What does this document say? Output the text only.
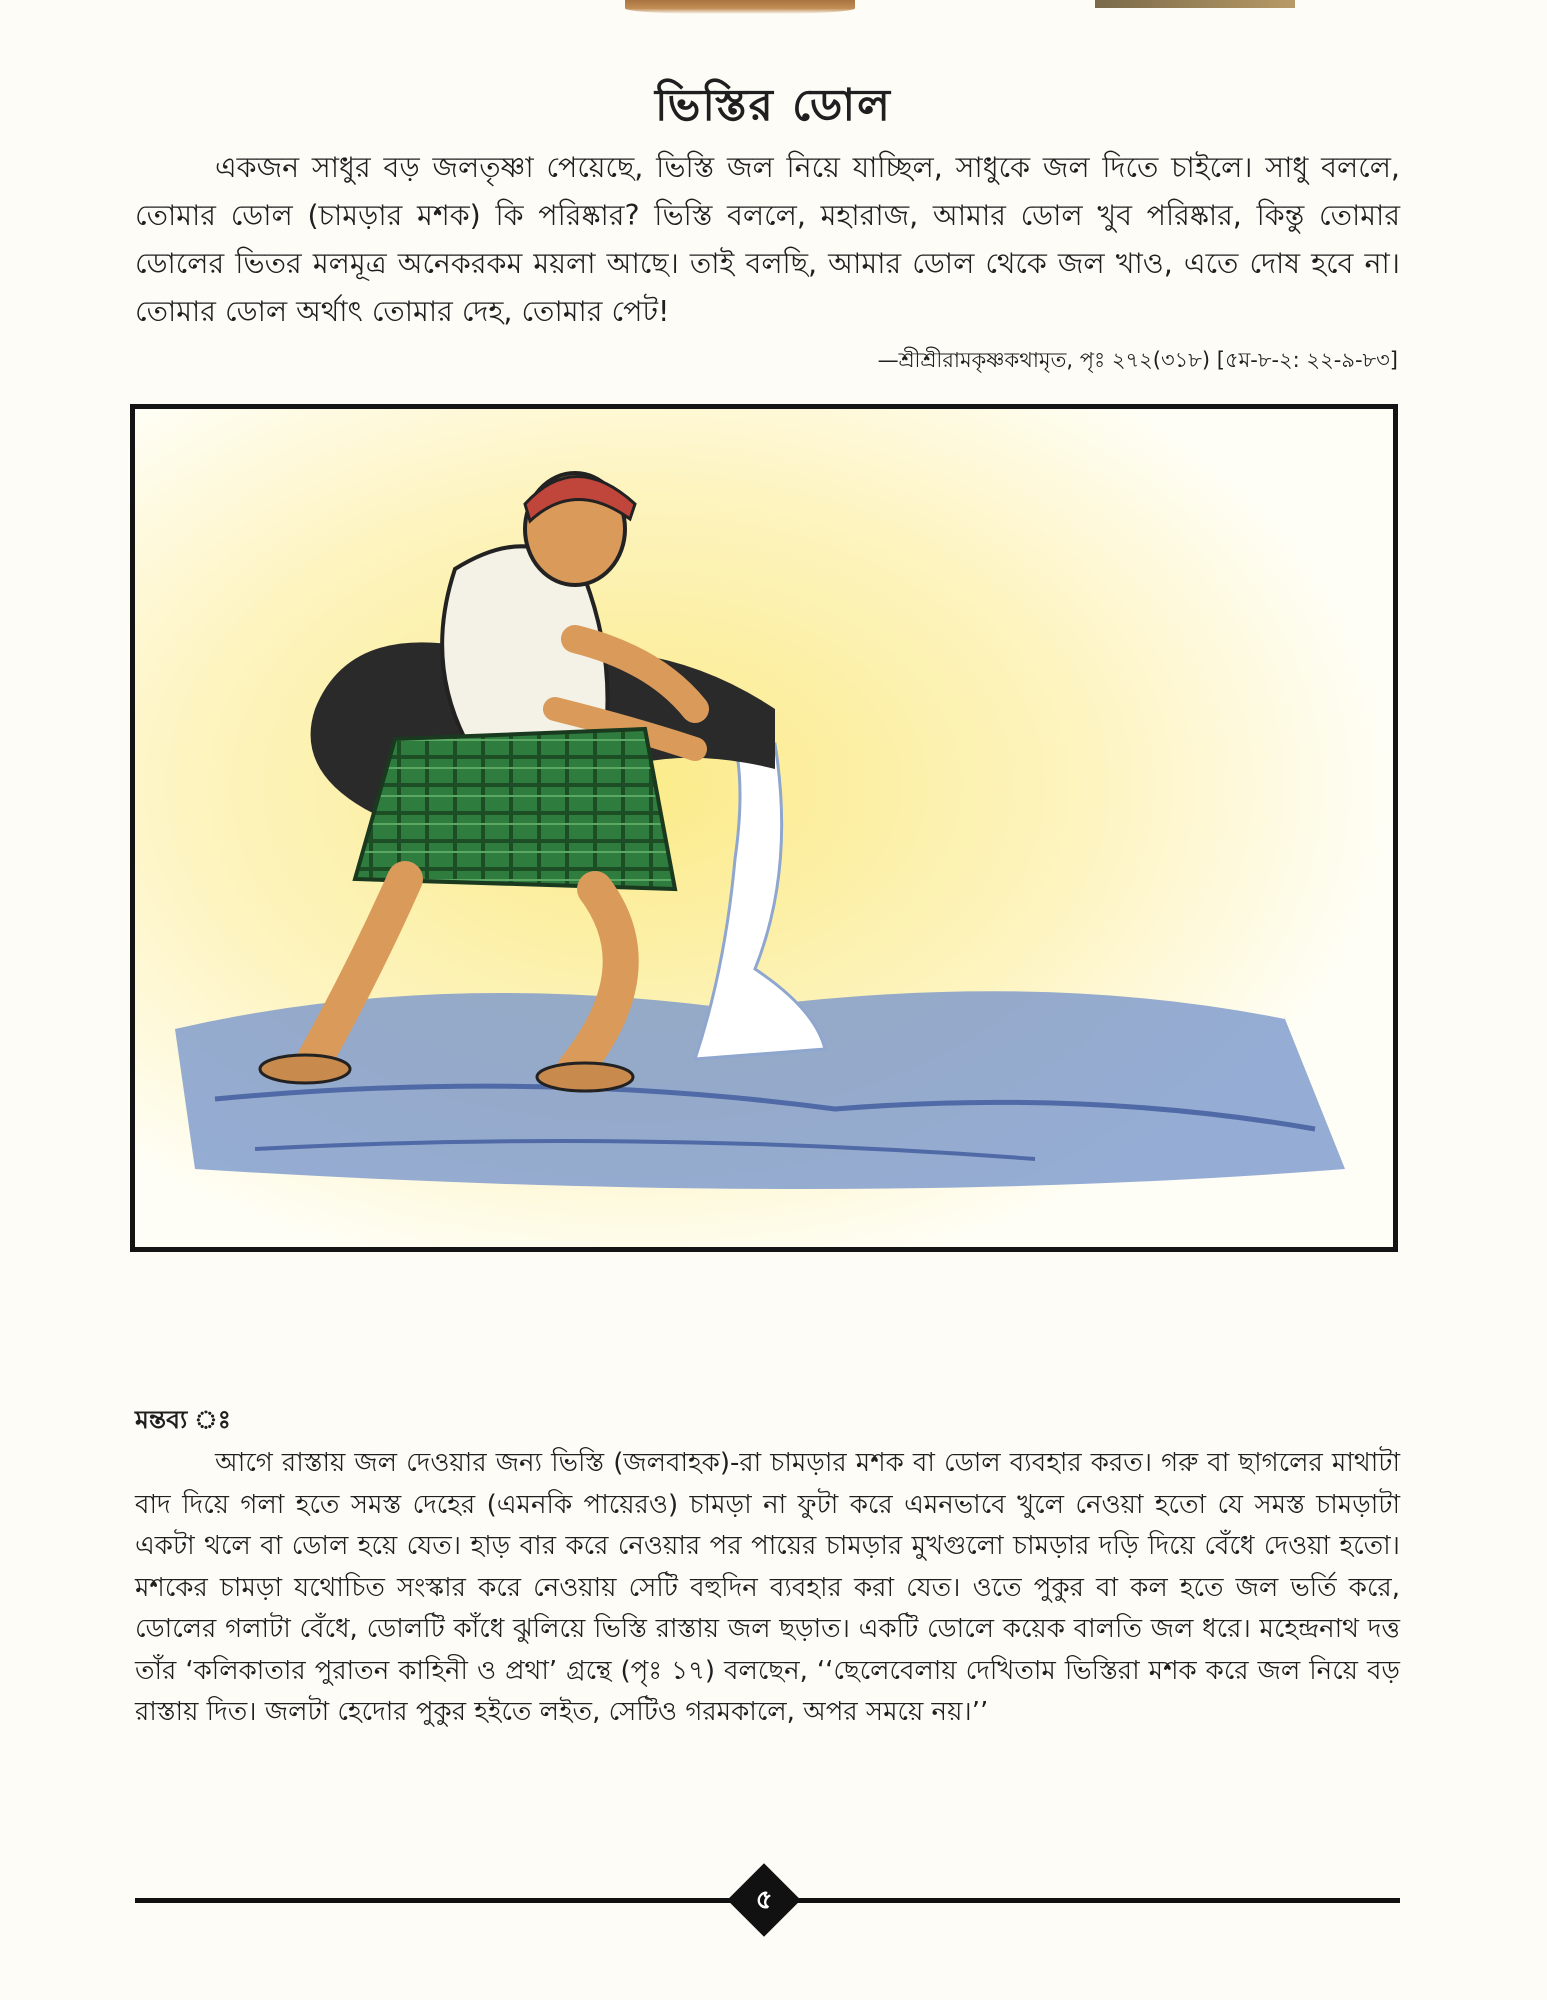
ভিস্তির ডোল

একজন সাধুর বড় জলতৃষ্ণা পেয়েছে, ভিস্তি জল নিয়ে যাচ্ছিল, সাধুকে জল দিতে চাইলে। সাধু বললে, তোমার ডোল (চামড়ার মশক) কি পরিষ্কার? ভিস্তি বললে, মহারাজ, আমার ডোল খুব পরিষ্কার, কিন্তু তোমার ডোলের ভিতর মলমূত্র অনেকরকম ময়লা আছে। তাই বলছি, আমার ডোল থেকে জল খাও, এতে দোষ হবে না। তোমার ডোল অর্থাৎ তোমার দেহ, তোমার পেট!

—শ্রীশ্রীরামকৃষ্ণকথামৃত, পৃঃ ২৭২(৩১৮) [৫ম-৮-২: ২২-৯-৮৩]
মন্তব্য ঃ

আগে রাস্তায় জল দেওয়ার জন্য ভিস্তি (জলবাহক)-রা চামড়ার মশক বা ডোল ব্যবহার করত। গরু বা ছাগলের মাথাটা বাদ দিয়ে গলা হতে সমস্ত দেহের (এমনকি পায়েরও) চামড়া না ফুটা করে এমনভাবে খুলে নেওয়া হতো যে সমস্ত চামড়াটা একটা থলে বা ডোল হয়ে যেত। হাড় বার করে নেওয়ার পর পায়ের চামড়ার মুখগুলো চামড়ার দড়ি দিয়ে বেঁধে দেওয়া হতো। মশকের চামড়া যথোচিত সংস্কার করে নেওয়ায় সেটি বহুদিন ব্যবহার করা যেত। ওতে পুকুর বা কল হতে জল ভর্তি করে, ডোলের গলাটা বেঁধে, ডোলটি কাঁধে ঝুলিয়ে ভিস্তি রাস্তায় জল ছড়াত। একটি ডোলে কয়েক বালতি জল ধরে। মহেন্দ্রনাথ দত্ত তাঁর ‘কলিকাতার পুরাতন কাহিনী ও প্রথা’ গ্রন্থে (পৃঃ ১৭) বলছেন, ‘‘ছেলেবেলায় দেখিতাম ভিস্তিরা মশক করে জল নিয়ে বড় রাস্তায় দিত। জলটা হেদোর পুকুর হইতে লইত, সেটিও গরমকালে, অপর সময়ে নয়।’’

৫
